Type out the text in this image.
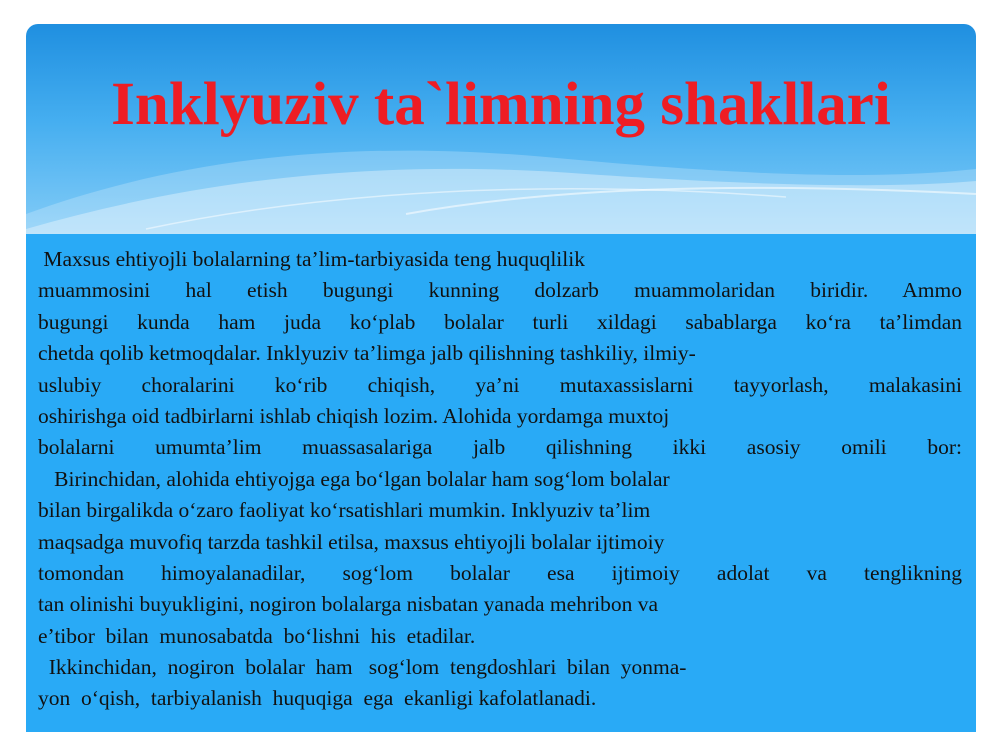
Inklyuziv ta`limning shakllari
Maxsus ehtiyojli bolalarning ta’lim-tarbiyasida teng huquqlilik
muammosini hal etish bugungi kunning dolzarb muammolaridan biridir. Ammo
bugungi kunda ham juda ko‘plab bolalar turli xildagi sabablarga ko‘ra ta’limdan
chetda qolib ketmoqdalar. Inklyuziv ta’limga jalb qilishning tashkiliy, ilmiy-
uslubiy choralarini ko‘rib chiqish, ya’ni mutaxassislarni tayyorlash, malakasini
oshirishga oid tadbirlarni ishlab chiqish lozim. Alohida yordamga muxtoj
bolalarni umumta’lim muassasalariga jalb qilishning ikki asosiy omili bor:
Birinchidan, alohida ehtiyojga ega bo‘lgan bolalar ham sog‘lom bolalar
bilan birgalikda o‘zaro faoliyat ko‘rsatishlari mumkin. Inklyuziv ta’lim
maqsadga muvofiq tarzda tashkil etilsa, maxsus ehtiyojli bolalar ijtimoiy
tomondan himoyalanadilar, sog‘lom bolalar esa ijtimoiy adolat va tenglikning
tan olinishi buyukligini, nogiron bolalarga nisbatan yanada mehribon va
e’tibor  bilan  munosabatda  bo‘lishni  his  etadilar.
Ikkinchidan,  nogiron  bolalar  ham   sog‘lom  tengdoshlari  bilan  yonma-
yon  o‘qish,  tarbiyalanish  huquqiga  ega  ekanligi kafolatlanadi.
